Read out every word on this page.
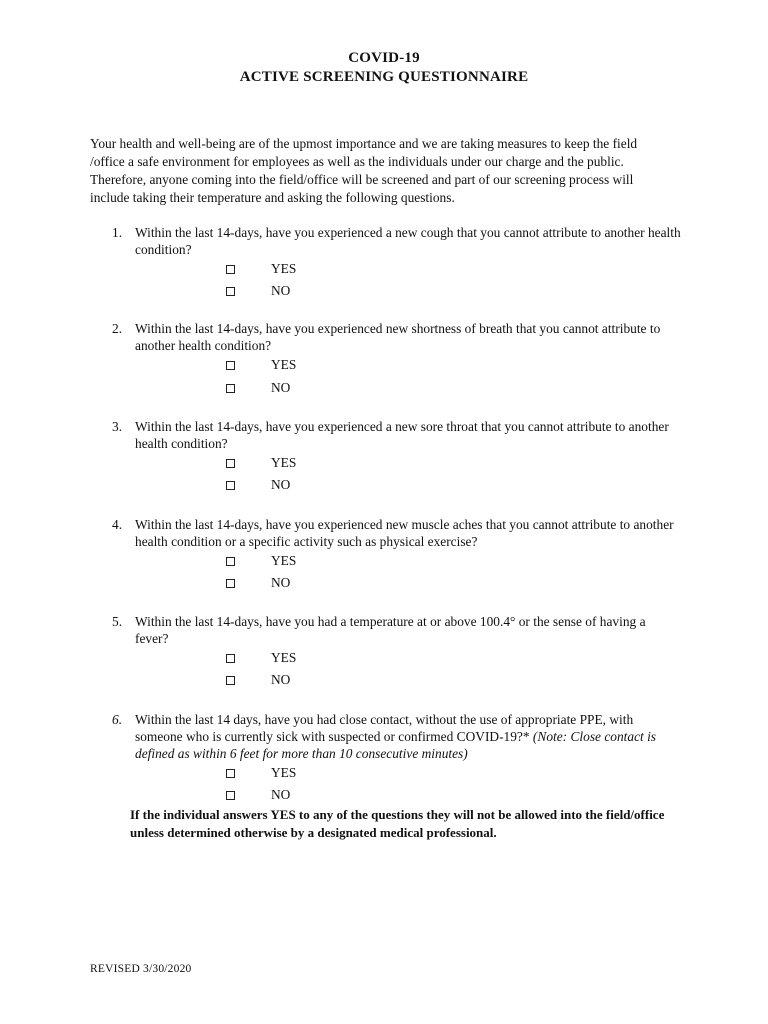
COVID-19
ACTIVE SCREENING QUESTIONNAIRE
Your health and well-being are of the upmost importance and we are taking measures to keep the field /office a safe environment for employees as well as the individuals under our charge and the public. Therefore, anyone coming into the field/office will be screened and part of our screening process will include taking their temperature and asking the following questions.
1. Within the last 14-days, have you experienced a new cough that you cannot attribute to another health condition?
YES
NO
2. Within the last 14-days, have you experienced new shortness of breath that you cannot attribute to another health condition?
YES
NO
3. Within the last 14-days, have you experienced a new sore throat that you cannot attribute to another health condition?
YES
NO
4. Within the last 14-days, have you experienced new muscle aches that you cannot attribute to another health condition or a specific activity such as physical exercise?
YES
NO
5. Within the last 14-days, have you had a temperature at or above 100.4° or the sense of having a fever?
YES
NO
6. Within the last 14 days, have you had close contact, without the use of appropriate PPE, with someone who is currently sick with suspected or confirmed COVID-19?* (Note: Close contact is defined as within 6 feet for more than 10 consecutive minutes)
YES
NO
If the individual answers YES to any of the questions they will not be allowed into the field/office unless determined otherwise by a designated medical professional.
REVISED 3/30/2020
